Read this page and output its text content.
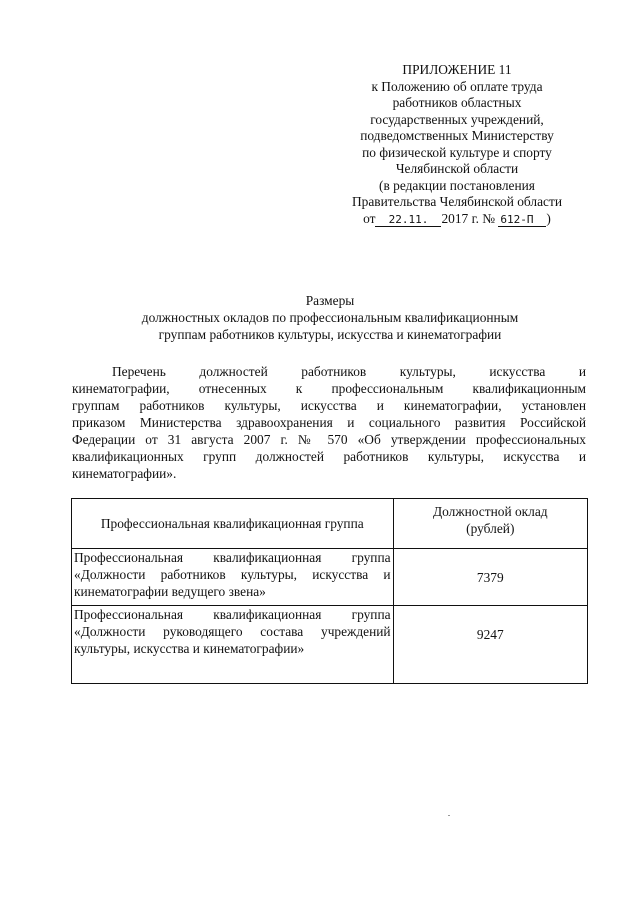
ПРИЛОЖЕНИЕ 11
к Положению об оплате труда
работников областных
государственных учреждений,
подведомственных Министерству
по физической культуре и спорту
Челябинской области
(в редакции постановления
Правительства Челябинской области
от 22.11. 2017 г. № 612-П )
Размеры
должностных окладов по профессиональным квалификационным
группам работников культуры, искусства и кинематографии
Перечень должностей работников культуры, искусства и
кинематографии, отнесенных к профессиональным квалификационным
группам работников культуры, искусства и кинематографии, установлен
приказом Министерства здравоохранения и социального развития Российской
Федерации от 31 августа 2007 г. № 570 «Об утверждении профессиональных
квалификационных групп должностей работников культуры, искусства и
кинематографии».
Профессиональная квалификационная группа	Должностной оклад
(рублей)

Профессиональная квалификационная группа
«Должности работников культуры, искусства и
кинематографии ведущего звена»	7379

Профессиональная квалификационная группа
«Должности руководящего состава учреждений
культуры, искусства и кинематографии»	9247
